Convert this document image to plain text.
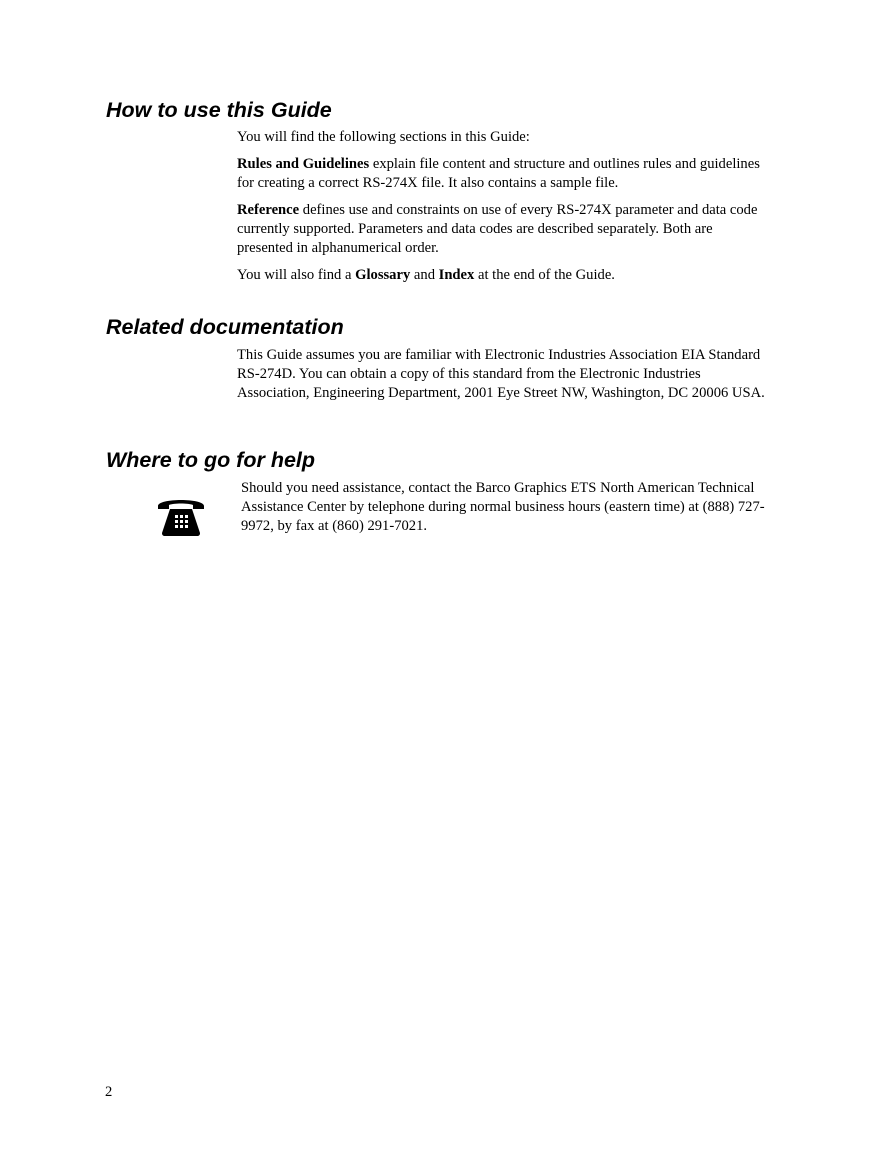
How to use this Guide

You will find the following sections in this Guide:

Rules and Guidelines explain file content and structure and outlines rules and guidelines for creating a correct RS-274X file. It also contains a sample file.

Reference defines use and constraints on use of every RS-274X parameter and data code currently supported. Parameters and data codes are described separately. Both are presented in alphanumerical order.

You will also find a Glossary and Index at the end of the Guide.

Related documentation

This Guide assumes you are familiar with Electronic Industries Association EIA Standard RS-274D. You can obtain a copy of this standard from the Electronic Industries Association, Engineering Department, 2001 Eye Street NW, Washington, DC 20006 USA.

Where to go for help

Should you need assistance, contact the Barco Graphics ETS North American Technical Assistance Center by telephone during normal business hours (eastern time) at (888) 727-9972, by fax at (860) 291-7021.

2
